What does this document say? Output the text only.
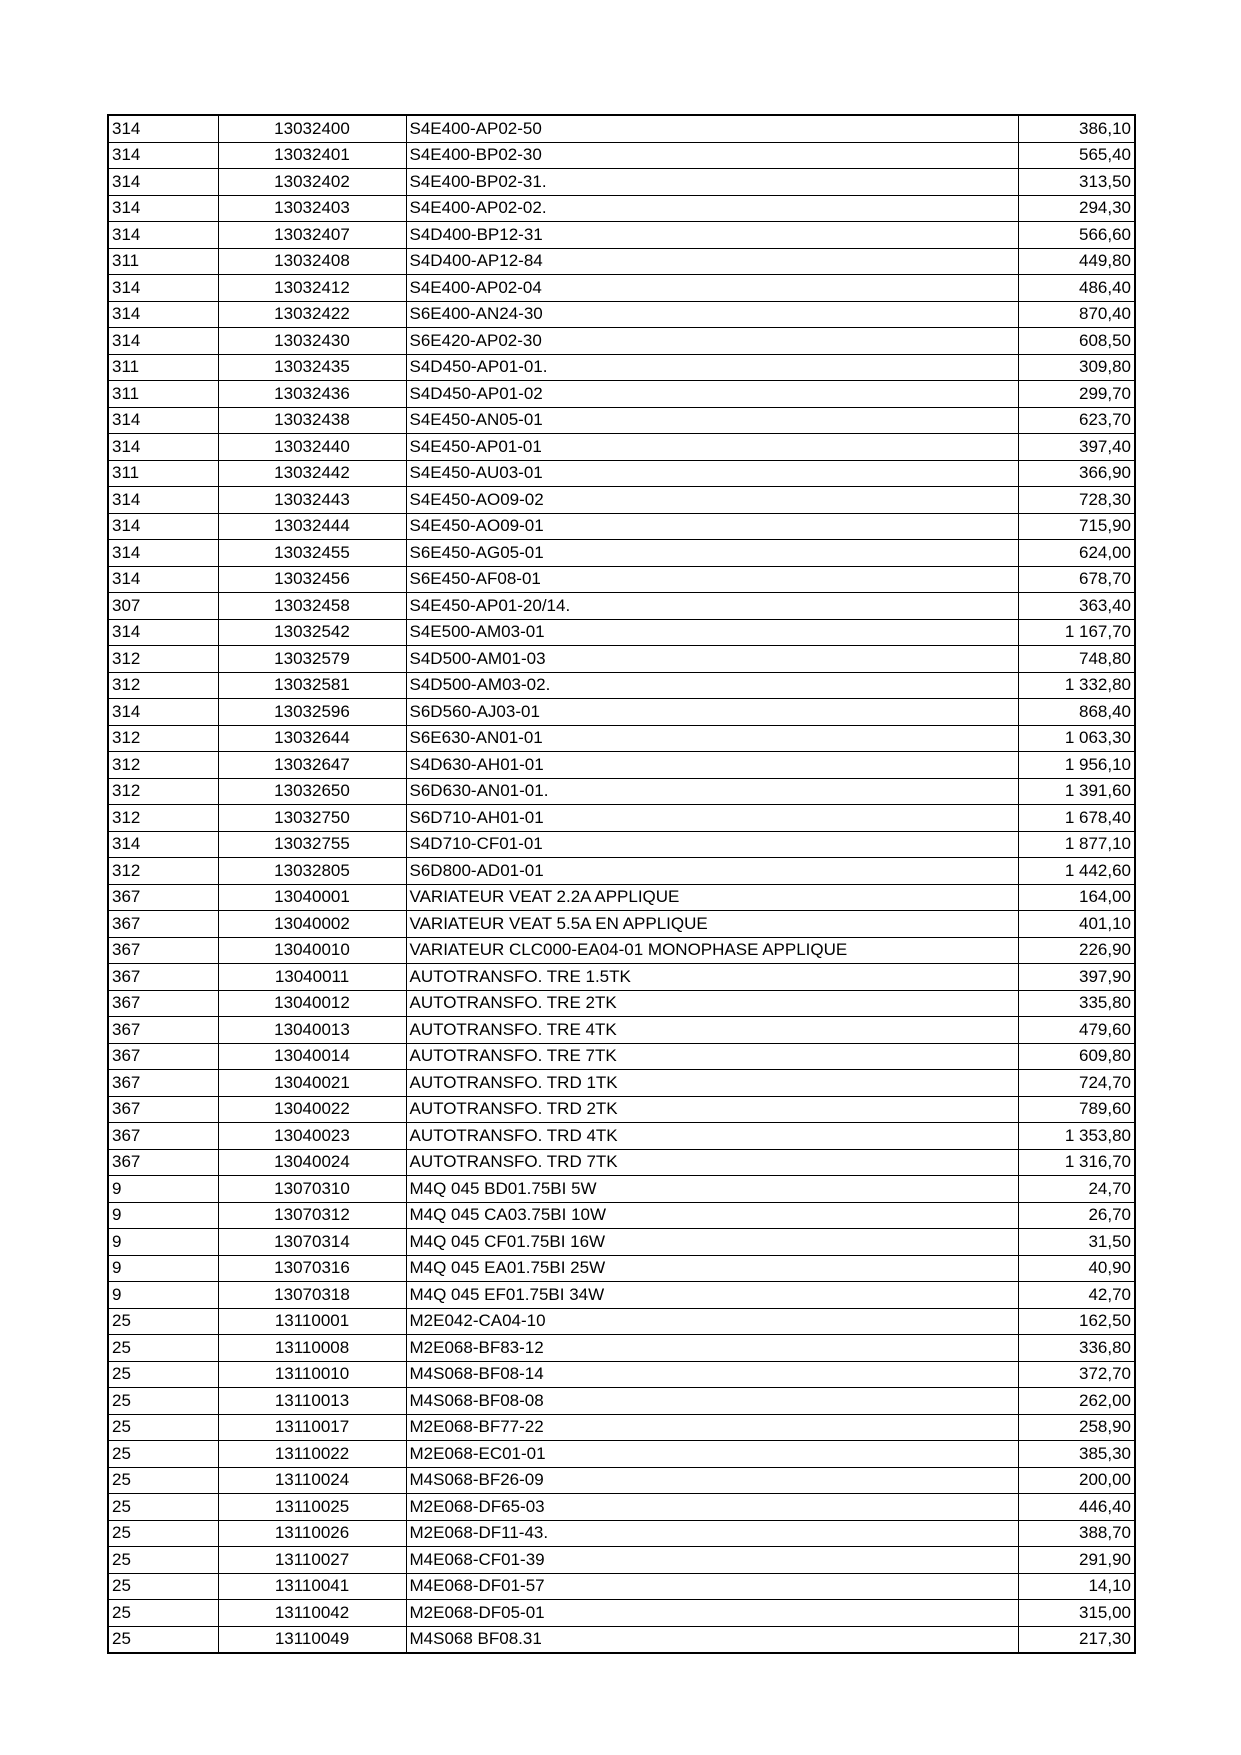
314	13032400	S4E400-AP02-50	386,10
314	13032401	S4E400-BP02-30	565,40
314	13032402	S4E400-BP02-31.	313,50
314	13032403	S4E400-AP02-02.	294,30
314	13032407	S4D400-BP12-31	566,60
311	13032408	S4D400-AP12-84	449,80
314	13032412	S4E400-AP02-04	486,40
314	13032422	S6E400-AN24-30	870,40
314	13032430	S6E420-AP02-30	608,50
311	13032435	S4D450-AP01-01.	309,80
311	13032436	S4D450-AP01-02	299,70
314	13032438	S4E450-AN05-01	623,70
314	13032440	S4E450-AP01-01	397,40
311	13032442	S4E450-AU03-01	366,90
314	13032443	S4E450-AO09-02	728,30
314	13032444	S4E450-AO09-01	715,90
314	13032455	S6E450-AG05-01	624,00
314	13032456	S6E450-AF08-01	678,70
307	13032458	S4E450-AP01-20/14.	363,40
314	13032542	S4E500-AM03-01	1 167,70
312	13032579	S4D500-AM01-03	748,80
312	13032581	S4D500-AM03-02.	1 332,80
314	13032596	S6D560-AJ03-01	868,40
312	13032644	S6E630-AN01-01	1 063,30
312	13032647	S4D630-AH01-01	1 956,10
312	13032650	S6D630-AN01-01.	1 391,60
312	13032750	S6D710-AH01-01	1 678,40
314	13032755	S4D710-CF01-01	1 877,10
312	13032805	S6D800-AD01-01	1 442,60
367	13040001	VARIATEUR VEAT 2.2A APPLIQUE	164,00
367	13040002	VARIATEUR VEAT 5.5A EN APPLIQUE	401,10
367	13040010	VARIATEUR CLC000-EA04-01 MONOPHASE APPLIQUE	226,90
367	13040011	AUTOTRANSFO. TRE 1.5TK	397,90
367	13040012	AUTOTRANSFO. TRE 2TK	335,80
367	13040013	AUTOTRANSFO. TRE 4TK	479,60
367	13040014	AUTOTRANSFO. TRE 7TK	609,80
367	13040021	AUTOTRANSFO. TRD 1TK	724,70
367	13040022	AUTOTRANSFO. TRD 2TK	789,60
367	13040023	AUTOTRANSFO. TRD 4TK	1 353,80
367	13040024	AUTOTRANSFO. TRD 7TK	1 316,70
9	13070310	M4Q 045 BD01.75BI 5W	24,70
9	13070312	M4Q 045 CA03.75BI 10W	26,70
9	13070314	M4Q 045 CF01.75BI 16W	31,50
9	13070316	M4Q 045 EA01.75BI 25W	40,90
9	13070318	M4Q 045 EF01.75BI 34W	42,70
25	13110001	M2E042-CA04-10	162,50
25	13110008	M2E068-BF83-12	336,80
25	13110010	M4S068-BF08-14	372,70
25	13110013	M4S068-BF08-08	262,00
25	13110017	M2E068-BF77-22	258,90
25	13110022	M2E068-EC01-01	385,30
25	13110024	M4S068-BF26-09	200,00
25	13110025	M2E068-DF65-03	446,40
25	13110026	M2E068-DF11-43.	388,70
25	13110027	M4E068-CF01-39	291,90
25	13110041	M4E068-DF01-57	14,10
25	13110042	M2E068-DF05-01	315,00
25	13110049	M4S068 BF08.31	217,30
